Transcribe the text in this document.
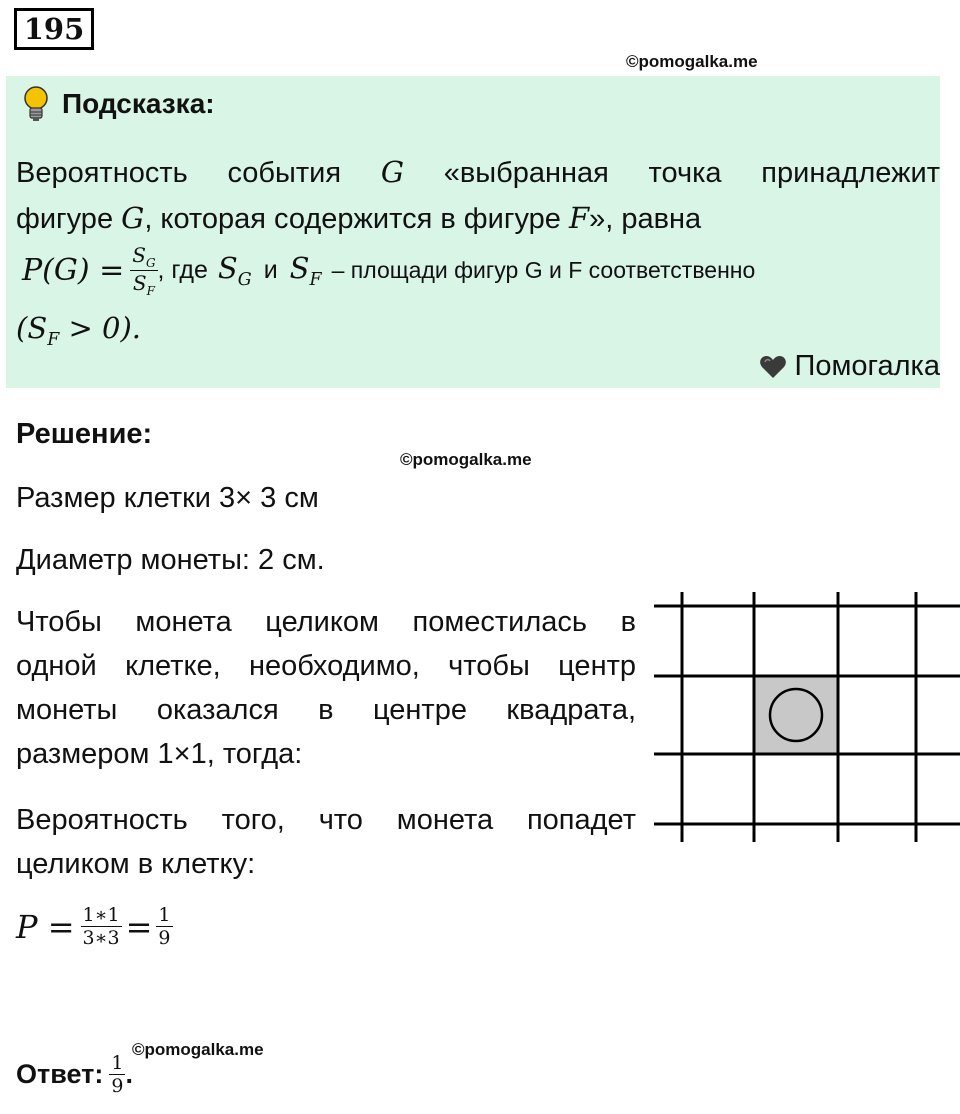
195
©pomogalka.me
Подсказка:
Вероятность события G «выбранная точка принадлежит
фигуре G, которая содержится в фигуре F», равна
$P(G) = \frac{S_G}{S_F}$ , где $S_G$ и $S_F$ – площади фигур G и F соответственно
$(S_F > 0)$.
Помогалка
Решение:
©pomogalka.me
Размер клетки 3× 3 см
Диаметр монеты: 2 см.
Чтобы монета целиком поместилась в
одной клетке, необходимо, чтобы центр
монеты оказался в центре квадрата,
размером 1×1, тогда:
Вероятность того, что монета попадет
целиком в клетку:
$P = \frac{1∗1}{3∗3} = \frac{1}{9}$
©pomogalka.me
Ответ: $\frac{1}{9}$ .
